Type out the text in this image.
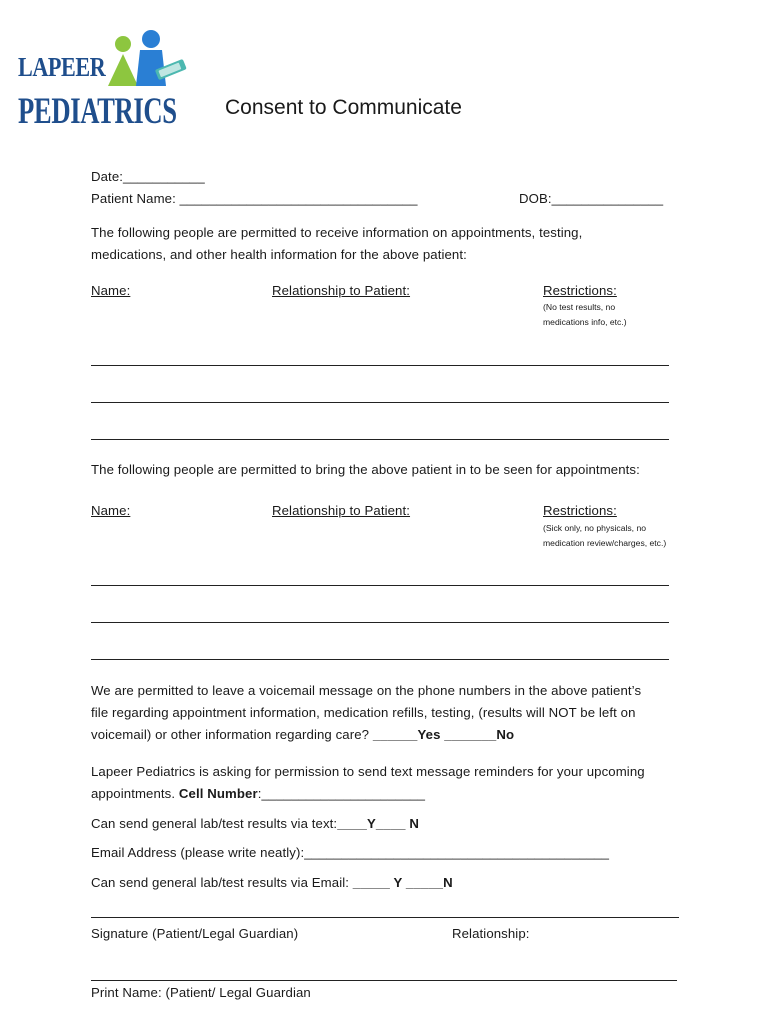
LAPEER
PEDIATRICS Consent to Communicate
Date:___________
Patient Name: ________________________________	DOB:_______________
The following people are permitted to receive information on appointments, testing,
medications, and other health information for the above patient:
Name:	Relationship to Patient:	Restrictions:
(No test results, no
medications info, etc.)
The following people are permitted to bring the above patient in to be seen for appointments:
Name:	Relationship to Patient:	Restrictions:
(Sick only, no physicals, no
medication review/charges, etc.)
We are permitted to leave a voicemail message on the phone numbers in the above patient’s
file regarding appointment information, medication refills, testing, (results will NOT be left on
voicemail) or other information regarding care? ______Yes _______No
Lapeer Pediatrics is asking for permission to send text message reminders for your upcoming
appointments. Cell Number:______________________
Can send general lab/test results via text:____Y____ N
Email Address (please write neatly):_________________________________________
Can send general lab/test results via Email: _____ Y _____N
Signature (Patient/Legal Guardian)	Relationship:
Print Name: (Patient/ Legal Guardian
